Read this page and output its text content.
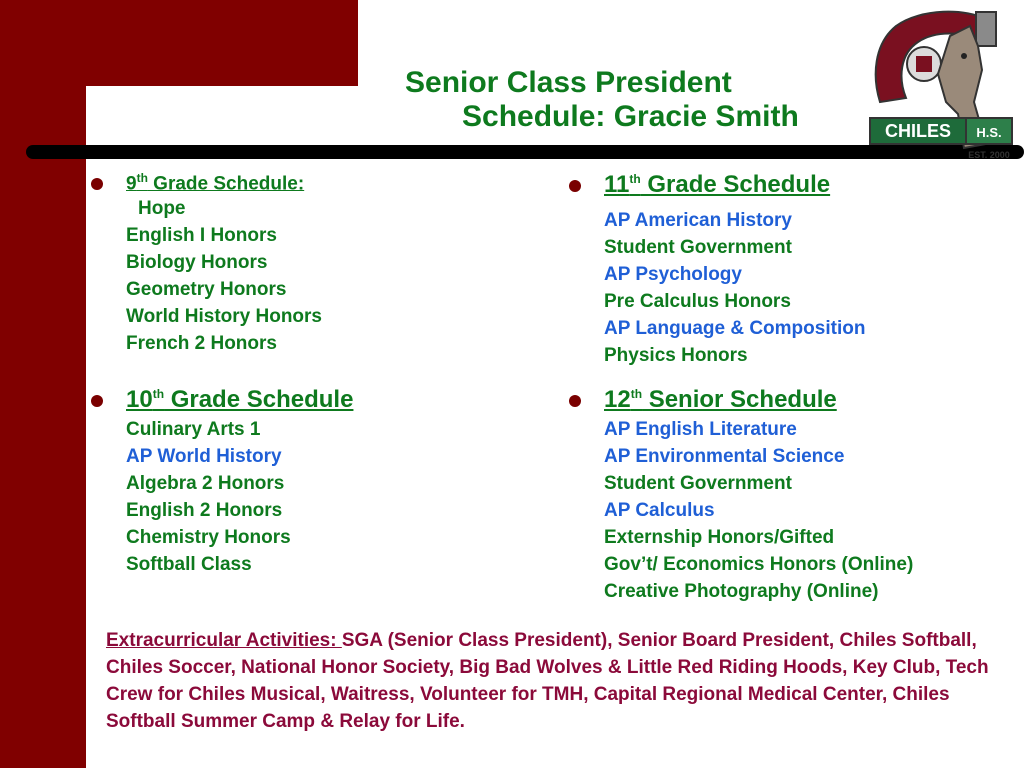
Senior Class President
Schedule: Gracie Smith
9th Grade Schedule:
Hope
English I Honors
Biology Honors
Geometry Honors
World History Honors
French 2 Honors
10th Grade Schedule
Culinary Arts 1
AP World History
Algebra 2 Honors
English 2 Honors
Chemistry Honors
Softball Class
11th Grade Schedule
AP American History
Student Government
AP Psychology
Pre Calculus Honors
AP Language & Composition
Physics Honors
12th Senior Schedule
AP English Literature
AP Environmental Science
Student Government
AP Calculus
Externship Honors/Gifted
Gov’t/ Economics Honors (Online)
Creative Photography (Online)
Extracurricular Activities: SGA (Senior Class President), Senior Board President, Chiles Softball, Chiles Soccer, National Honor Society, Big Bad Wolves & Little Red Riding Hoods, Key Club, Tech Crew for Chiles Musical, Waitress, Volunteer for TMH, Capital Regional Medical Center, Chiles Softball Summer Camp & Relay for Life.
CHILES H.S.
EST. 2000
